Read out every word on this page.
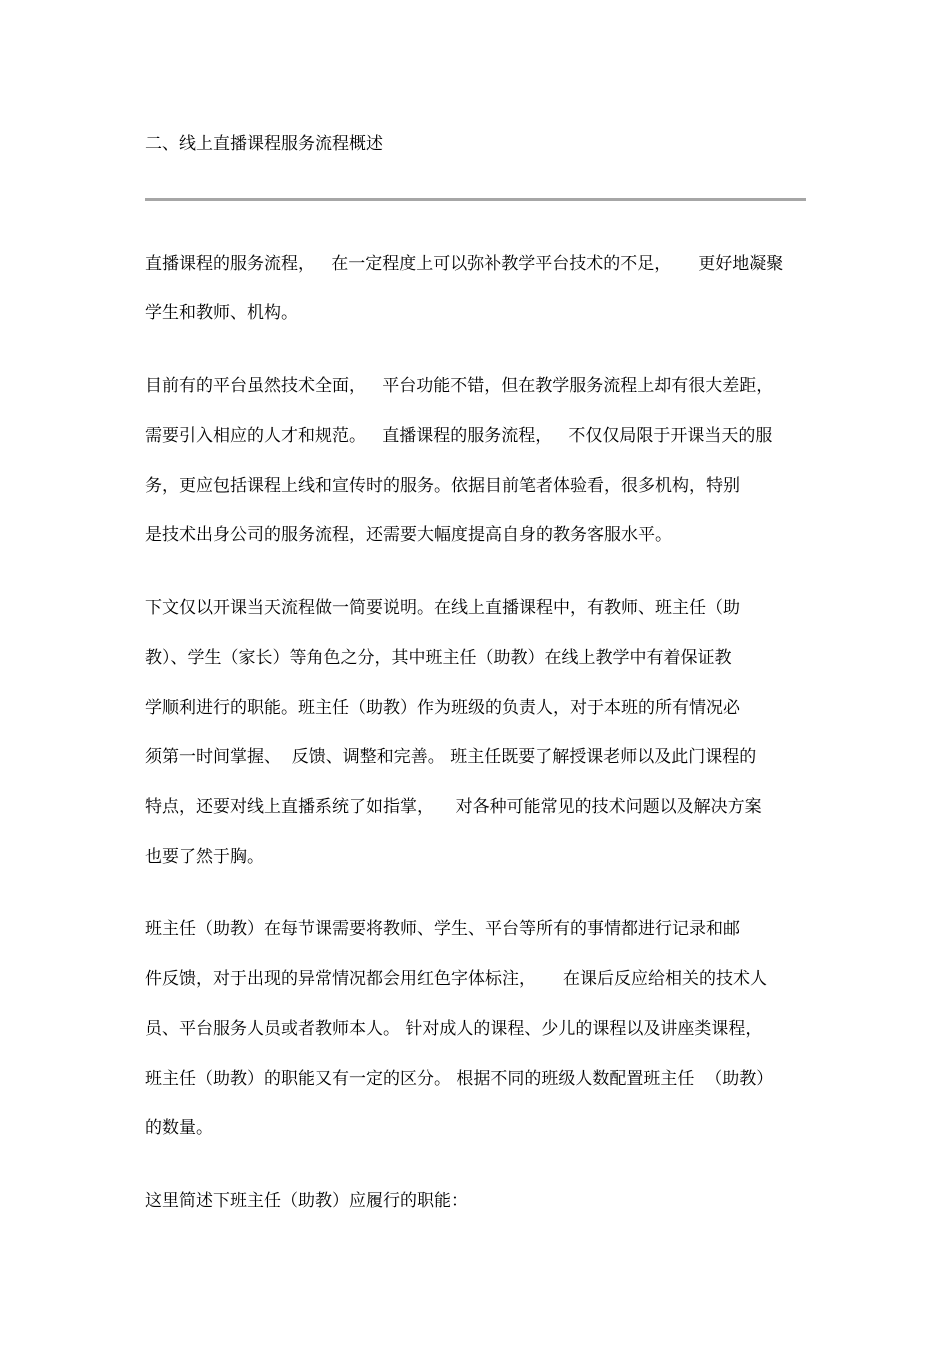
二、线上直播课程服务流程概述
直播课程的服务流程，   在一定程度上可以弥补教学平台技术的不足，     更好地凝聚
学生和教师、机构。
目前有的平台虽然技术全面，   平台功能不错，但在教学服务流程上却有很大差距，
需要引入相应的人才和规范。   直播课程的服务流程，   不仅仅局限于开课当天的服
务，更应包括课程上线和宣传时的服务。依据目前笔者体验看，很多机构，特别
是技术出身公司的服务流程，还需要大幅度提高自身的教务客服水平。
下文仅以开课当天流程做一简要说明。在线上直播课程中，有教师、班主任（助
教）、学生（家长）等角色之分，其中班主任（助教）在线上教学中有着保证教
学顺利进行的职能。班主任（助教）作为班级的负责人，对于本班的所有情况必
须第一时间掌握、  反馈、调整和完善。 班主任既要了解授课老师以及此门课程的
特点，还要对线上直播系统了如指掌，    对各种可能常见的技术问题以及解决方案
也要了然于胸。
班主任（助教）在每节课需要将教师、学生、平台等所有的事情都进行记录和邮
件反馈，对于出现的异常情况都会用红色字体标注，     在课后反应给相关的技术人
员、平台服务人员或者教师本人。 针对成人的课程、少儿的课程以及讲座类课程，
班主任（助教）的职能又有一定的区分。 根据不同的班级人数配置班主任  （助教）
的数量。
这里简述下班主任（助教）应履行的职能：
